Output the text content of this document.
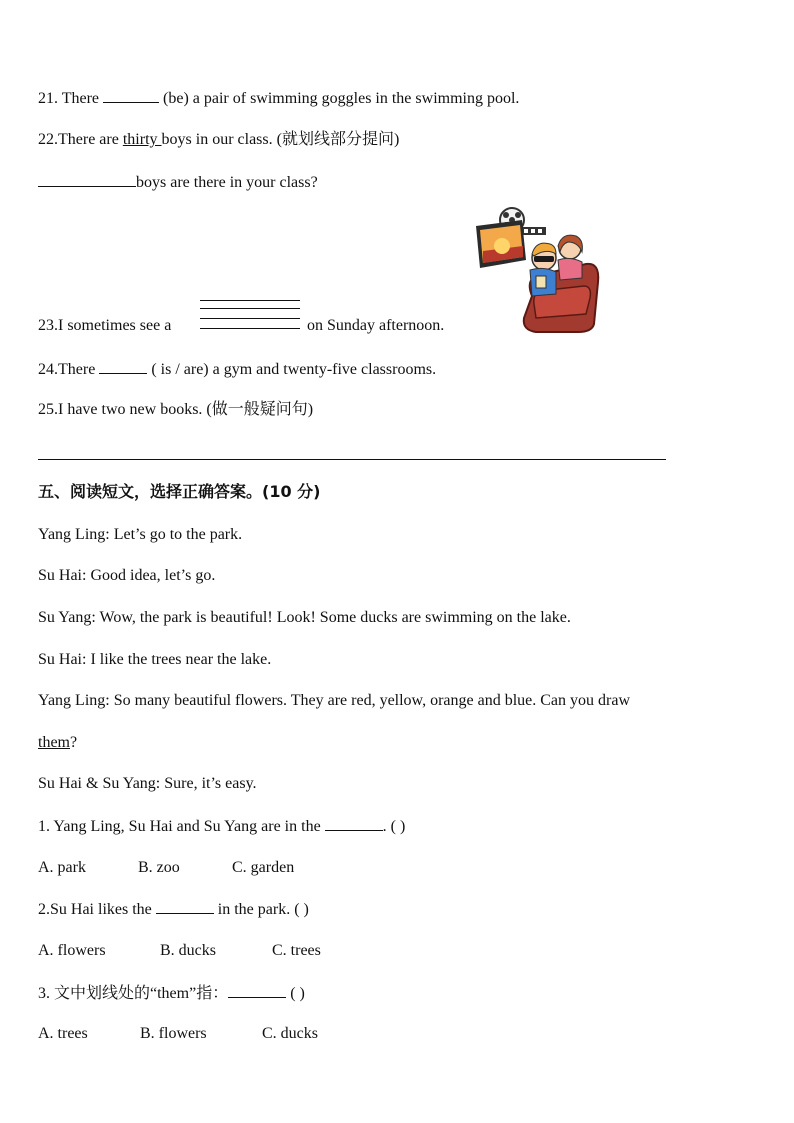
21. There	(be) a pair of swimming goggles in the swimming pool.
22.There are thirty boys in our class. (就划线部分提问)
boys are there in your class?
23.I sometimes see a	on Sunday afternoon.
24.There	( is / are) a gym and twenty-five classrooms.
25.I have two new books. (做一般疑问句)
五、阅读短文，选择正确答案。(10 分)
Yang Ling: Let’s go to the park.
Su Hai: Good idea, let’s go.
Su Yang: Wow, the park is beautiful! Look! Some ducks are swimming on the lake.
Su Hai: I like the trees near the lake.
Yang Ling: So many beautiful flowers. They are red, yellow, orange and blue. Can you draw
them?
Su Hai & Su Yang: Sure, it’s easy.
1. Yang Ling, Su Hai and Su Yang are in the	. ( )
A. park	B. zoo	C. garden
2.Su Hai likes the	in the park. ( )
A. flowers	B. ducks	C. trees
3. 文中划线处的“them”指：	( )
A. trees	B. flowers	C. ducks
